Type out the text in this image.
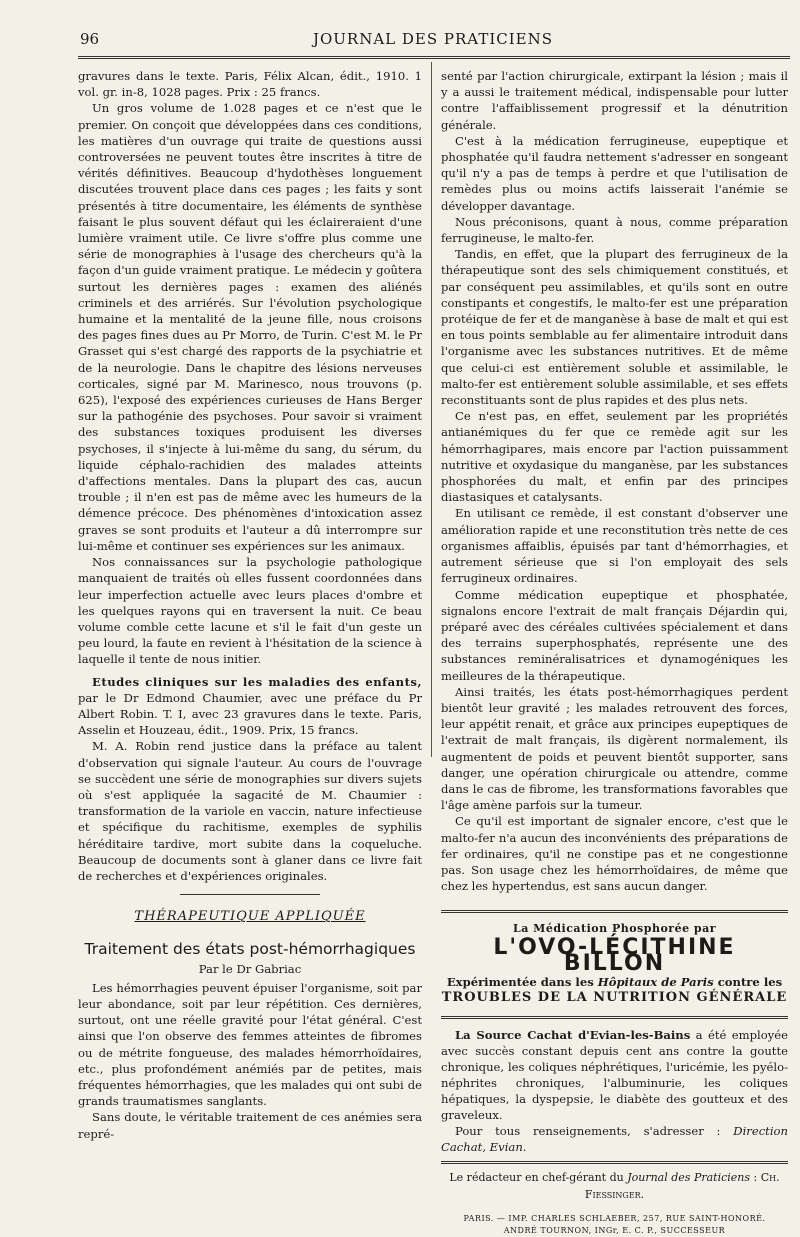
96	JOURNAL DES PRATICIENS

gravures dans le texte. Paris, Félix Alcan, édit., 1910. 1 vol. gr. in-8, 1028 pages. Prix : 25 francs.

Un gros volume de 1.028 pages et ce n'est que le premier. On conçoit que développées dans ces conditions, les matières d'un ouvrage qui traite de questions aussi controversées ne peuvent toutes être inscrites à titre de vérités définitives. Beaucoup d'hydothèses longuement discutées trouvent place dans ces pages ; les faits y sont présentés à titre documentaire, les éléments de synthèse faisant le plus souvent défaut qui les éclaireraient d'une lumière vraiment utile. Ce livre s'offre plus comme une série de monographies à l'usage des chercheurs qu'à la façon d'un guide vraiment pratique. Le médecin y goûtera surtout les dernières pages : examen des aliénés criminels et des arriérés. Sur l'évolution psychologique humaine et la mentalité de la jeune fille, nous croisons des pages fines dues au Pr Morro, de Turin. C'est M. le Pr Grasset qui s'est chargé des rapports de la psychiatrie et de la neurologie. Dans le chapitre des lésions nerveuses corticales, signé par M. Marinesco, nous trouvons (p. 625), l'exposé des expériences curieuses de Hans Berger sur la pathogénie des psychoses. Pour savoir si vraiment des substances toxiques produisent les diverses psychoses, il s'injecte à lui-même du sang, du sérum, du liquide céphalo-rachidien des malades atteints d'affections mentales. Dans la plupart des cas, aucun trouble ; il n'en est pas de même avec les humeurs de la démence précoce. Des phénomènes d'intoxication assez graves se sont produits et l'auteur a dû interrompre sur lui-même et continuer ses expériences sur les animaux.

Nos connaissances sur la psychologie pathologique manquaient de traités où elles fussent coordonnées dans leur imperfection actuelle avec leurs places d'ombre et les quelques rayons qui en traversent la nuit. Ce beau volume comble cette lacune et s'il le fait d'un geste un peu lourd, la faute en revient à l'hésitation de la science à laquelle il tente de nous initier.

Etudes cliniques sur les maladies des enfants, par le Dr Edmond Chaumier, avec une préface du Pr Albert Robin. T. I, avec 23 gravures dans le texte. Paris, Asselin et Houzeau, édit., 1909. Prix, 15 francs.

M. A. Robin rend justice dans la préface au talent d'observation qui signale l'auteur. Au cours de l'ouvrage se succèdent une série de monographies sur divers sujets où s'est appliquée la sagacité de M. Chaumier : transformation de la variole en vaccin, nature infectieuse et spécifique du rachitisme, exemples de syphilis héréditaire tardive, mort subite dans la coqueluche. Beaucoup de documents sont à glaner dans ce livre fait de recherches et d'expériences originales.

THÉRAPEUTIQUE APPLIQUÉE
Traitement des états post-hémorrhagiques
Par le Dr Gabriac

Les hémorrhagies peuvent épuiser l'organisme, soit par leur abondance, soit par leur répétition. Ces dernières, surtout, ont une réelle gravité pour l'état général. C'est ainsi que l'on observe des femmes atteintes de fibromes ou de métrite fongueuse, des malades hémorrhoïdaires, etc., plus profondément anémiés par de petites, mais fréquentes hémorrhagies, que les malades qui ont subi de grands traumatismes sanglants.

Sans doute, le véritable traitement de ces anémies sera repré-

senté par l'action chirurgicale, extirpant la lésion ; mais il y a aussi le traitement médical, indispensable pour lutter contre l'affaiblissement progressif et la dénutrition générale.

C'est à la médication ferrugineuse, eupeptique et phosphatée qu'il faudra nettement s'adresser en songeant qu'il n'y a pas de temps à perdre et que l'utilisation de remèdes plus ou moins actifs laisserait l'anémie se développer davantage.

Nous préconisons, quant à nous, comme préparation ferrugineuse, le malto-fer.

Tandis, en effet, que la plupart des ferrugineux de la thérapeutique sont des sels chimiquement constitués, et par conséquent peu assimilables, et qu'ils sont en outre constipants et congestifs, le malto-fer est une préparation protéique de fer et de manganèse à base de malt et qui est en tous points semblable au fer alimentaire introduit dans l'organisme avec les substances nutritives. Et de même que celui-ci est entièrement soluble et assimilable, le malto-fer est entièrement soluble assimilable, et ses effets reconstituants sont de plus rapides et des plus nets.

Ce n'est pas, en effet, seulement par les propriétés antianémiques du fer que ce remède agit sur les hémorrhagipares, mais encore par l'action puissamment nutritive et oxydasique du manganèse, par les substances phosphorées du malt, et enfin par des principes diastasiques et catalysants.

En utilisant ce remède, il est constant d'observer une amélioration rapide et une reconstitution très nette de ces organismes affaiblis, épuisés par tant d'hémorrhagies, et autrement sérieuse que si l'on employait des sels ferrugineux ordinaires.

Comme médication eupeptique et phosphatée, signalons encore l'extrait de malt français Déjardin qui, préparé avec des céréales cultivées spécialement et dans des terrains superphosphatés, représente une des substances reminéralisatrices et dynamogéniques les meilleures de la thérapeutique.

Ainsi traités, les états post-hémorrhagiques perdent bientôt leur gravité ; les malades retrouvent des forces, leur appétit renait, et grâce aux principes eupeptiques de l'extrait de malt français, ils digèrent normalement, ils augmentent de poids et peuvent bientôt supporter, sans danger, une opération chirurgicale ou attendre, comme dans le cas de fibrome, les transformations favorables que l'âge amène parfois sur la tumeur.

Ce qu'il est important de signaler encore, c'est que le malto-fer n'a aucun des inconvénients des préparations de fer ordinaires, qu'il ne constipe pas et ne congestionne pas. Son usage chez les hémorrhoïdaires, de même que chez les hypertendus, est sans aucun danger.

La Médication Phosphorée par
L'OVO-LÉCITHINE BILLON
Expérimentée dans les Hôpitaux de Paris contre les
TROUBLES DE LA NUTRITION GÉNÉRALE

La Source Cachat d'Evian-les-Bains a été employée avec succès constant depuis cent ans contre la goutte chronique, les coliques néphrétiques, l'uricémie, les pyélo-néphrites chroniques, l'albuminurie, les coliques hépatiques, la dyspepsie, le diabète des goutteux et des graveleux.

Pour tous renseignements, s'adresser : Direction Cachat, Evian.

Le rédacteur en chef-gérant du Journal des Praticiens : Ch. Fiessinger.
PARIS. — IMP. CHARLES SCHLAEBER, 257, RUE SAINT-HONORÉ.
ANDRÉ TOURNON, INGr, E. C. P., SUCCESSEUR
